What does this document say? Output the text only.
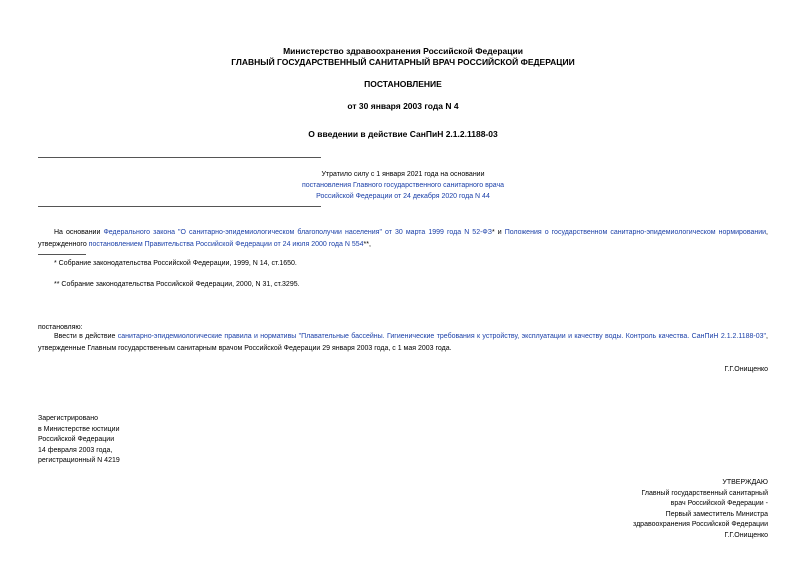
Министерство здравоохранения Российской Федерации
ГЛАВНЫЙ ГОСУДАРСТВЕННЫЙ САНИТАРНЫЙ ВРАЧ РОССИЙСКОЙ ФЕДЕРАЦИИ
ПОСТАНОВЛЕНИЕ
от 30 января 2003 года N 4
О введении в действие СанПиН 2.1.2.1188-03
Утратило силу с 1 января 2021 года на основании
постановления Главного государственного санитарного врача
Российской Федерации от 24 декабря 2020 года N 44
На основании Федерального закона "О санитарно-эпидемиологическом благополучии населения" от 30 марта 1999 года N 52-ФЗ* и Положения о государственном санитарно-эпидемиологическом нормировании, утвержденного постановлением Правительства Российской Федерации от 24 июля 2000 года N 554**,
* Собрание законодательства Российской Федерации, 1999, N 14, ст.1650.
** Собрание законодательства Российской Федерации, 2000, N 31, ст.3295.
постановляю:
Ввести в действие санитарно-эпидемиологические правила и нормативы "Плавательные бассейны. Гигиенические требования к устройству, эксплуатации и качеству воды. Контроль качества. СанПиН 2.1.2.1188-03", утвержденные Главным государственным санитарным врачом Российской Федерации 29 января 2003 года, с 1 мая 2003 года.
Г.Г.Онищенко
Зарегистрировано
в Министерстве юстиции
Российской Федерации
14 февраля 2003 года,
регистрационный N 4219
УТВЕРЖДАЮ
Главный государственный санитарный
врач Российской Федерации -
Первый заместитель Министра
здравоохранения Российской Федерации
Г.Г.Онищенко
